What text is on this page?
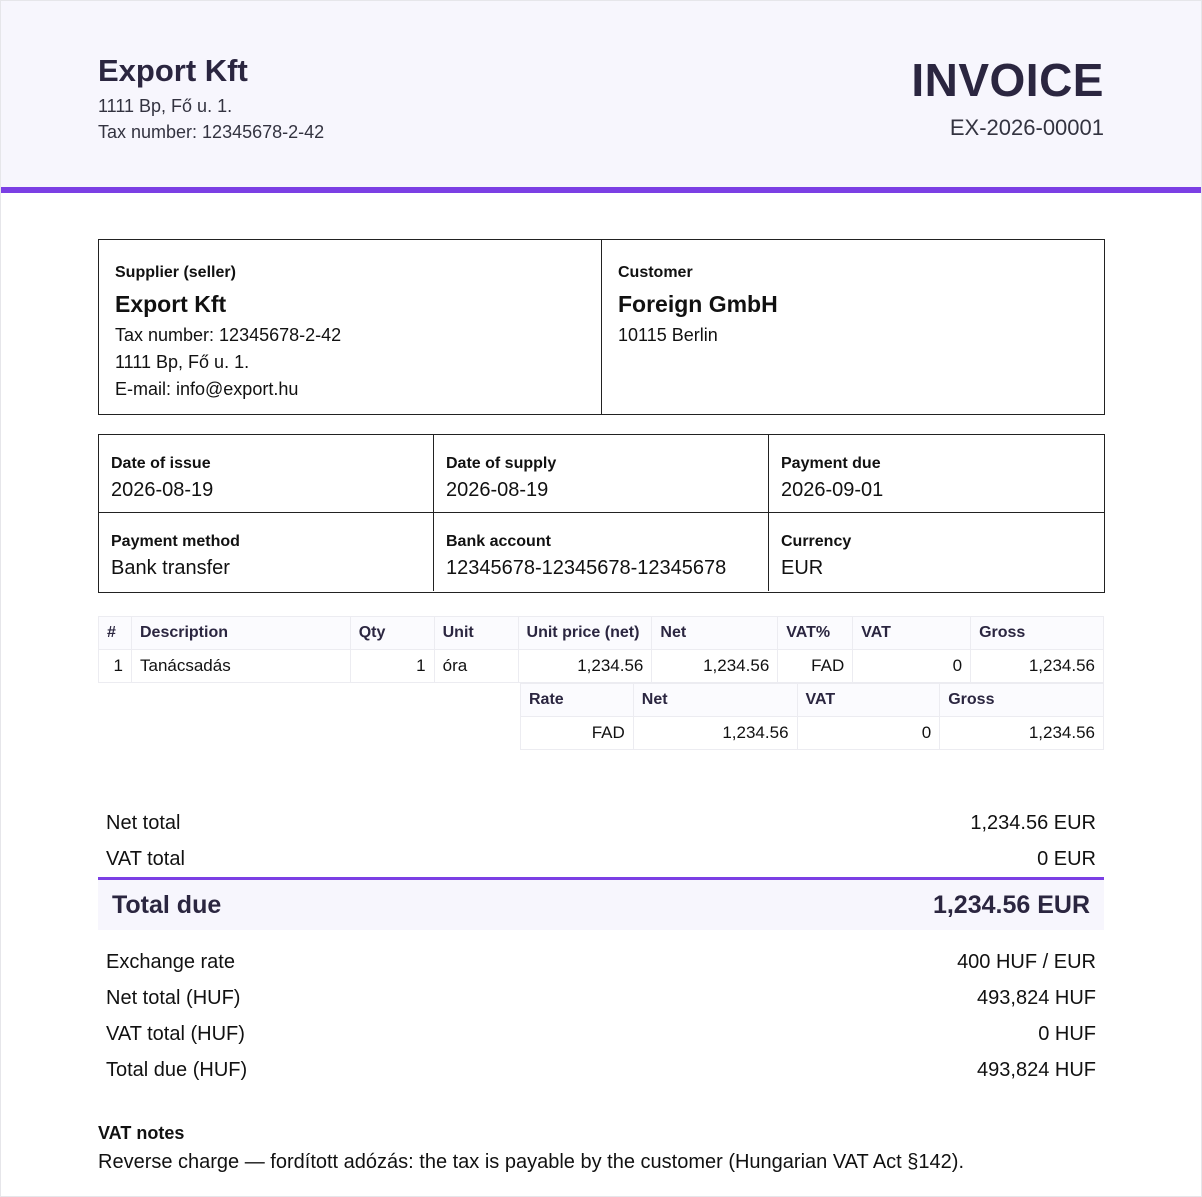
Export Kft
1111 Bp, Fő u. 1.
Tax number: 12345678-2-42
INVOICE
EX-2026-00001
Supplier (seller)
Export Kft
Tax number: 12345678-2-42
1111 Bp, Fő u. 1.
E-mail: info@export.hu
Customer
Foreign GmbH
10115 Berlin
Date of issue
2026-08-19
Date of supply
2026-08-19
Payment due
2026-09-01
Payment method
Bank transfer
Bank account
12345678-12345678-12345678
Currency
EUR
#	Description	Qty	Unit	Unit price (net)	Net	VAT%	VAT	Gross
1	Tanácsadás	1	óra	1,234.56	1,234.56	FAD	0	1,234.56
Rate	Net	VAT	Gross
FAD	1,234.56	0	1,234.56
Net total	1,234.56 EUR
VAT total	0 EUR
Total due	1,234.56 EUR
Exchange rate	400 HUF / EUR
Net total (HUF)	493,824 HUF
VAT total (HUF)	0 HUF
Total due (HUF)	493,824 HUF
VAT notes
Reverse charge — fordított adózás: the tax is payable by the customer (Hungarian VAT Act §142).
